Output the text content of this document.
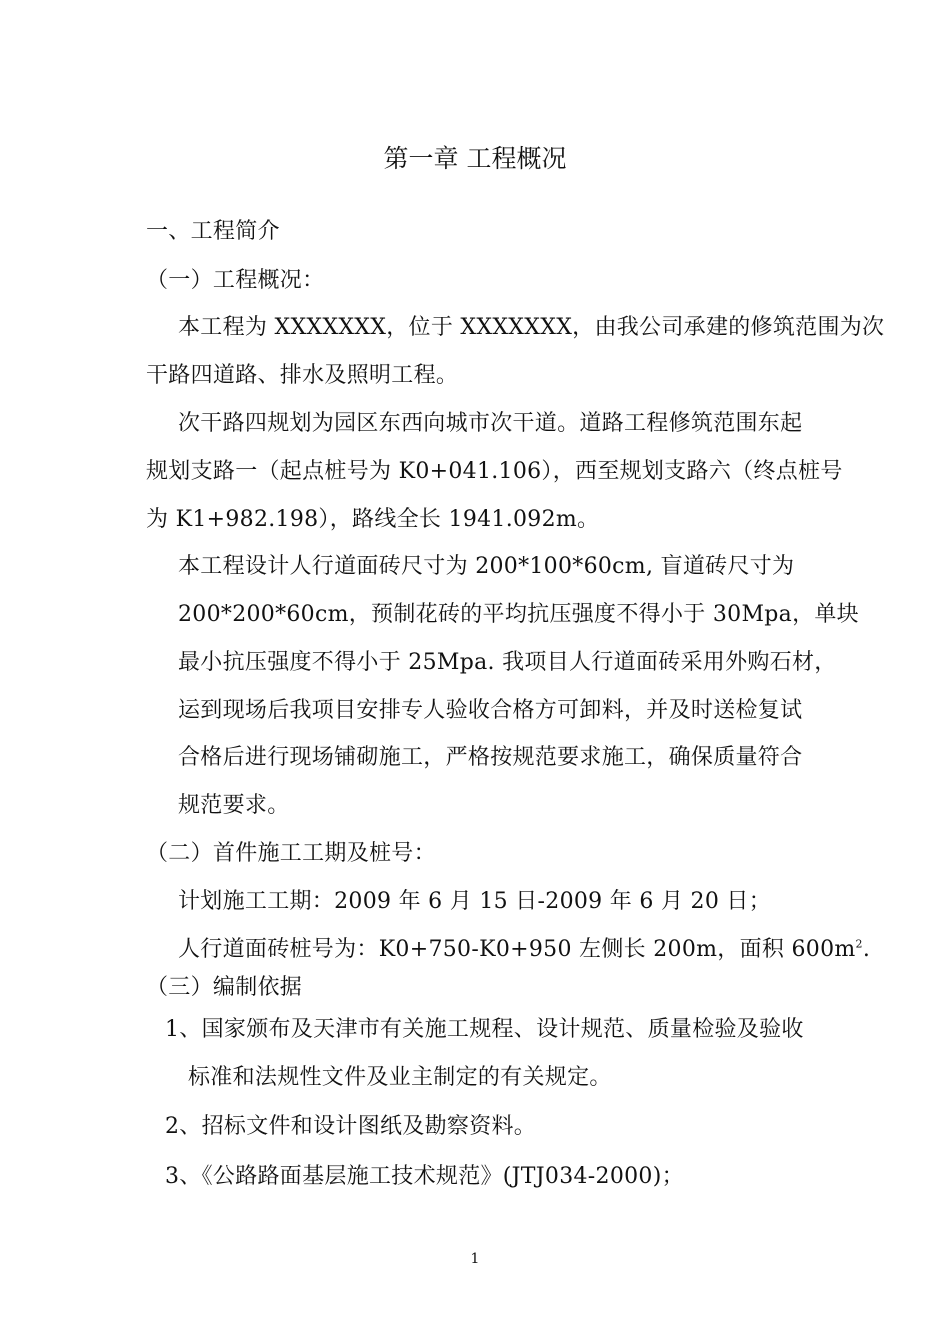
第一章 工程概况
一、工程简介
（一）工程概况：
本工程为 XXXXXXX，位于 XXXXXXX，由我公司承建的修筑范围为次
干路四道路、排水及照明工程。
次干路四规划为园区东西向城市次干道。道路工程修筑范围东起
规划支路一（起点桩号为 K0+041.106），西至规划支路六（终点桩号
为 K1+982.198），路线全长 1941.092m。
本工程设计人行道面砖尺寸为 200*100*60cm, 盲道砖尺寸为
200*200*60cm，预制花砖的平均抗压强度不得小于 30Mpa，单块
最小抗压强度不得小于 25Mpa. 我项目人行道面砖采用外购石材，
运到现场后我项目安排专人验收合格方可卸料，并及时送检复试
合格后进行现场铺砌施工，严格按规范要求施工，确保质量符合
规范要求。
（二）首件施工工期及桩号：
计划施工工期：2009 年 6 月 15 日-2009 年 6 月 20 日；
人行道面砖桩号为：K0+750-K0+950 左侧长 200m，面积 $600m^2$.
（三）编制依据
1、国家颁布及天津市有关施工规程、设计规范、质量检验及验收
标准和法规性文件及业主制定的有关规定。
2、招标文件和设计图纸及勘察资料。
3、《公路路面基层施工技术规范》(JTJ034-2000)；
1
